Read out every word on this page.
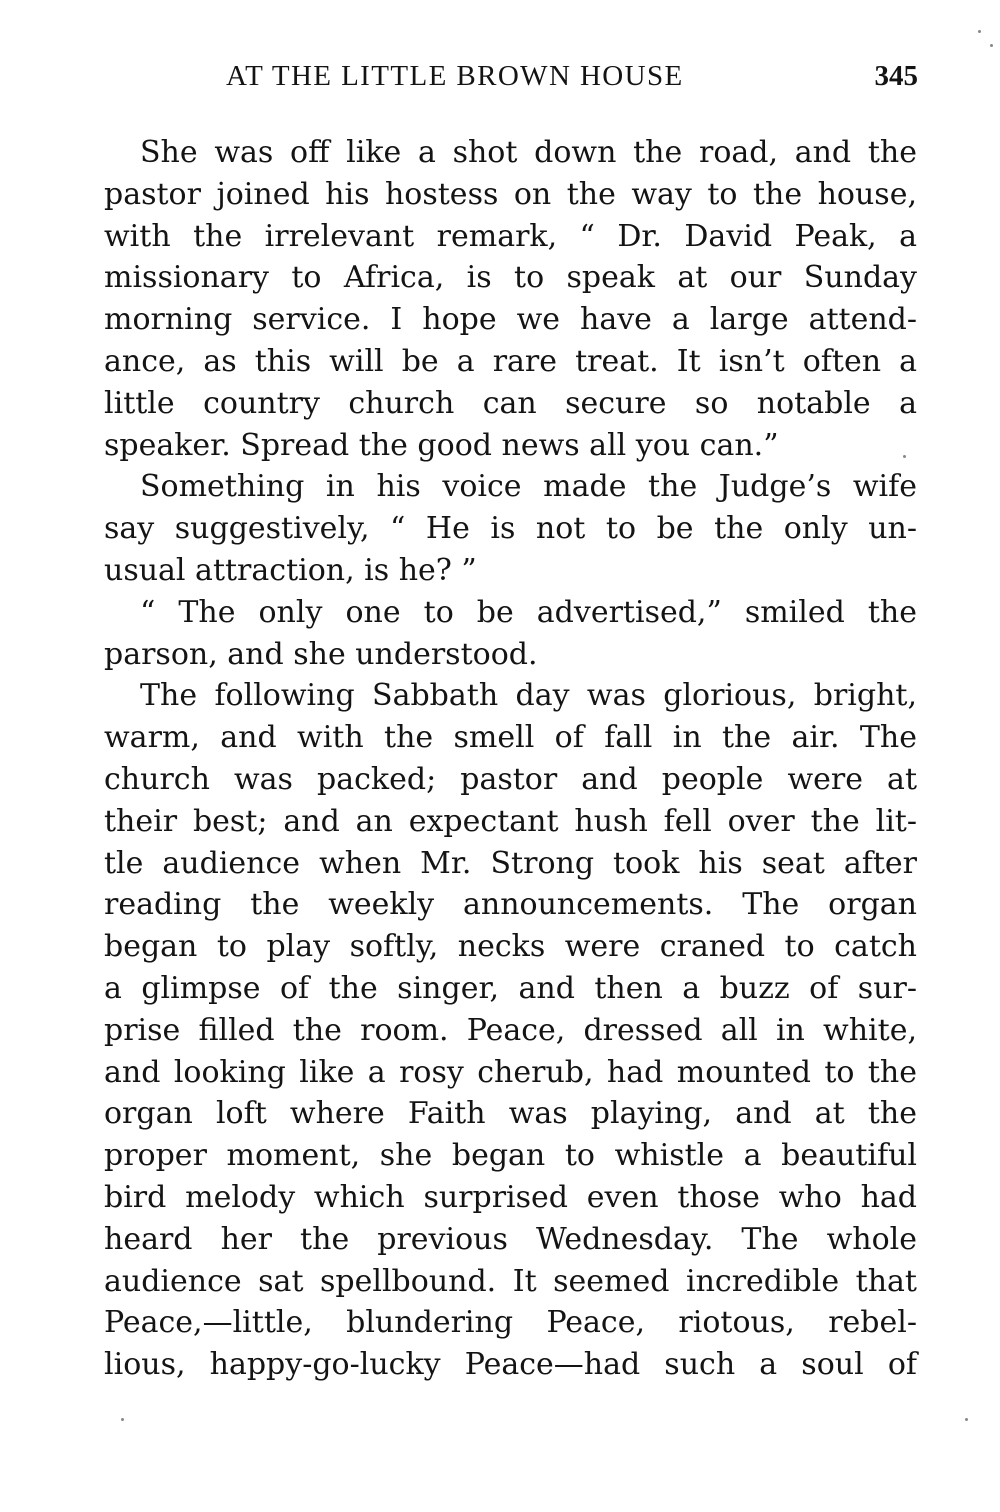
AT THE LITTLE BROWN HOUSE	345
She was off like a shot down the road, and the
pastor joined his hostess on the way to the house,
with the irrelevant remark, “ Dr. David Peak, a
missionary to Africa, is to speak at our Sunday
morning service. I hope we have a large attend-
ance, as this will be a rare treat. It isn’t often a
little country church can secure so notable a
speaker. Spread the good news all you can.”
Something in his voice made the Judge’s wife
say suggestively, “ He is not to be the only un-
usual attraction, is he? ”
“ The only one to be advertised,” smiled the
parson, and she understood.
The following Sabbath day was glorious, bright,
warm, and with the smell of fall in the air. The
church was packed; pastor and people were at
their best; and an expectant hush fell over the lit-
tle audience when Mr. Strong took his seat after
reading the weekly announcements. The organ
began to play softly, necks were craned to catch
a glimpse of the singer, and then a buzz of sur-
prise filled the room. Peace, dressed all in white,
and looking like a rosy cherub, had mounted to the
organ loft where Faith was playing, and at the
proper moment, she began to whistle a beautiful
bird melody which surprised even those who had
heard her the previous Wednesday. The whole
audience sat spellbound. It seemed incredible that
Peace,—little, blundering Peace, riotous, rebel-
lious, happy-go-lucky Peace—had such a soul of
